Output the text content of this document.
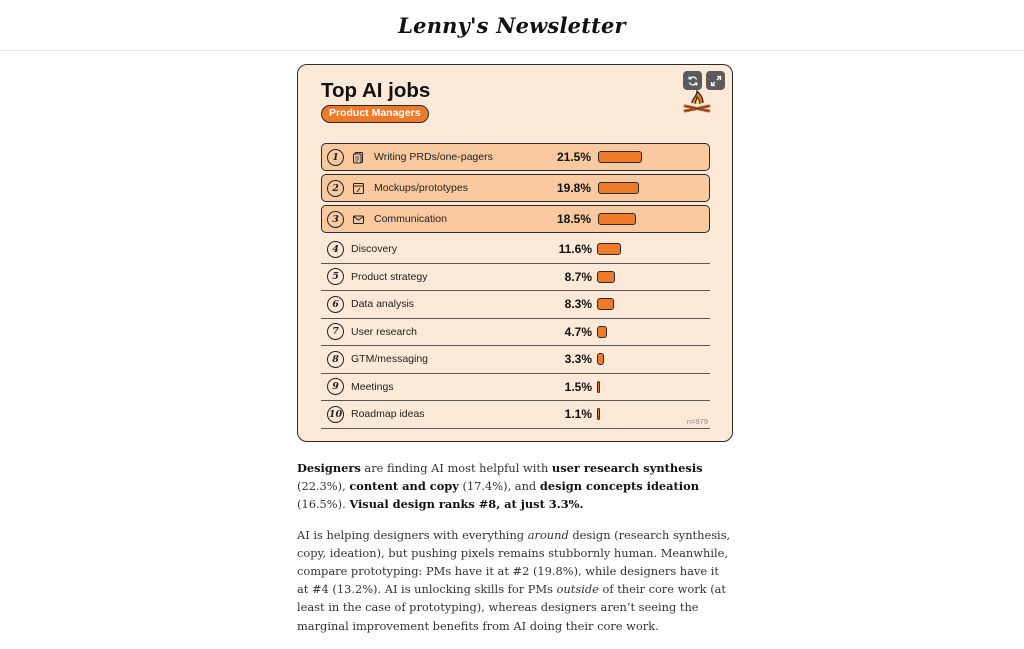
Lenny's Newsletter
Top AI jobs
Product Managers
1	Writing PRDs/one-pagers	21.5%
2	Mockups/prototypes	19.8%
3	Communication	18.5%
4	Discovery	11.6%
5	Product strategy	8.7%
6	Data analysis	8.3%
7	User research	4.7%
8	GTM/messaging	3.3%
9	Meetings	1.5%
10 Roadmap ideas	1.1%
n=979

Designers are finding AI most helpful with user research synthesis (22.3%), content and copy (17.4%), and design concepts ideation (16.5%). Visual design ranks #8, at just 3.3%.

AI is helping designers with everything around design (research synthesis, copy, ideation), but pushing pixels remains stubbornly human. Meanwhile, compare prototyping: PMs have it at #2 (19.8%), while designers have it at #4 (13.2%). AI is unlocking skills for PMs outside of their core work (at least in the case of prototyping), whereas designers aren’t seeing the marginal improvement benefits from AI doing their core work.
